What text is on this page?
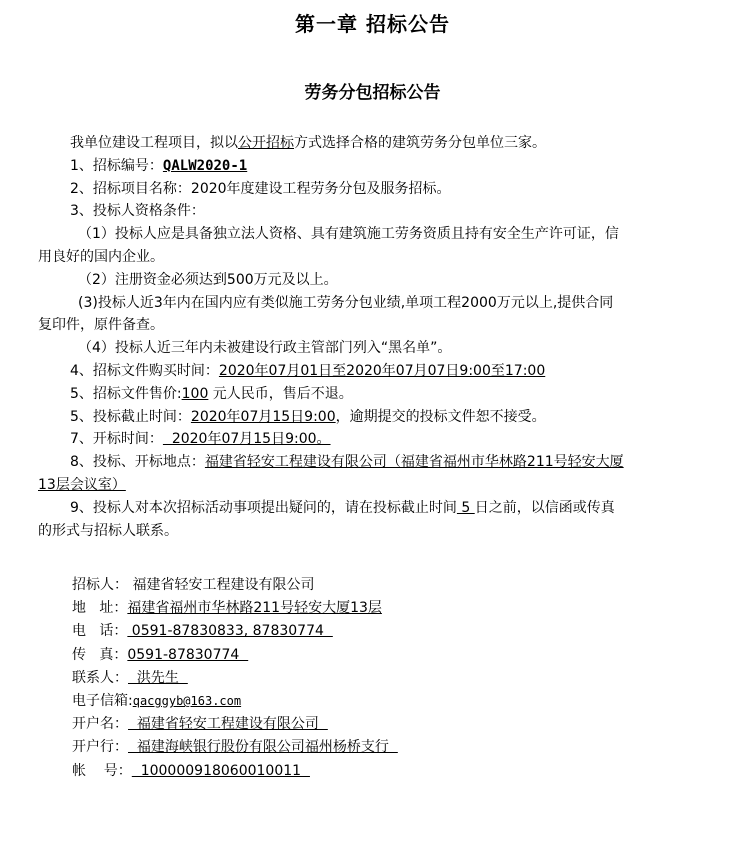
第一章 招标公告
劳务分包招标公告

我单位建设工程项目，拟以公开招标方式选择合格的建筑劳务分包单位三家。

1、招标编号：QALW2020-1

2、招标项目名称：2020年度建设工程劳务分包及服务招标。

3、投标人资格条件：

（1）投标人应是具备独立法人资格、具有建筑施工劳务资质且持有安全生产许可证，信

用良好的国内企业。

（2）注册资金必须达到500万元及以上。

(3)投标人近3年内在国内应有类似施工劳务分包业绩,单项工程2000万元以上,提供合同

复印件，原件备查。

（4）投标人近三年内未被建设行政主管部门列入“黑名单”。

4、招标文件购买时间：2020年07月01日至2020年07月07日9:00至17:00

5、招标文件售价:100 元人民币，售后不退。

5、投标截止时间：2020年07月15日9:00，逾期提交的投标文件恕不接受。

7、开标时间：  2020年07月15日9:00。

8、投标、开标地点：福建省轻安工程建设有限公司（福建省福州市华林路211号轻安大厦

13层会议室）

9、投标人对本次招标活动事项提出疑问的，请在投标截止时间 5 日之前，以信函或传真

的形式与招标人联系。

招标人： 福建省轻安工程建设有限公司

地   址：福建省福州市华林路211号轻安大厦13层

电   话： 0591-87830833, 87830774

传   真：0591-87830774

联系人：  洪先生

电子信箱:qacggyb@163.com

开户名：  福建省轻安工程建设有限公司

开户行：  福建海峡银行股份有限公司福州杨桥支行

帐    号：  100000918060010011
